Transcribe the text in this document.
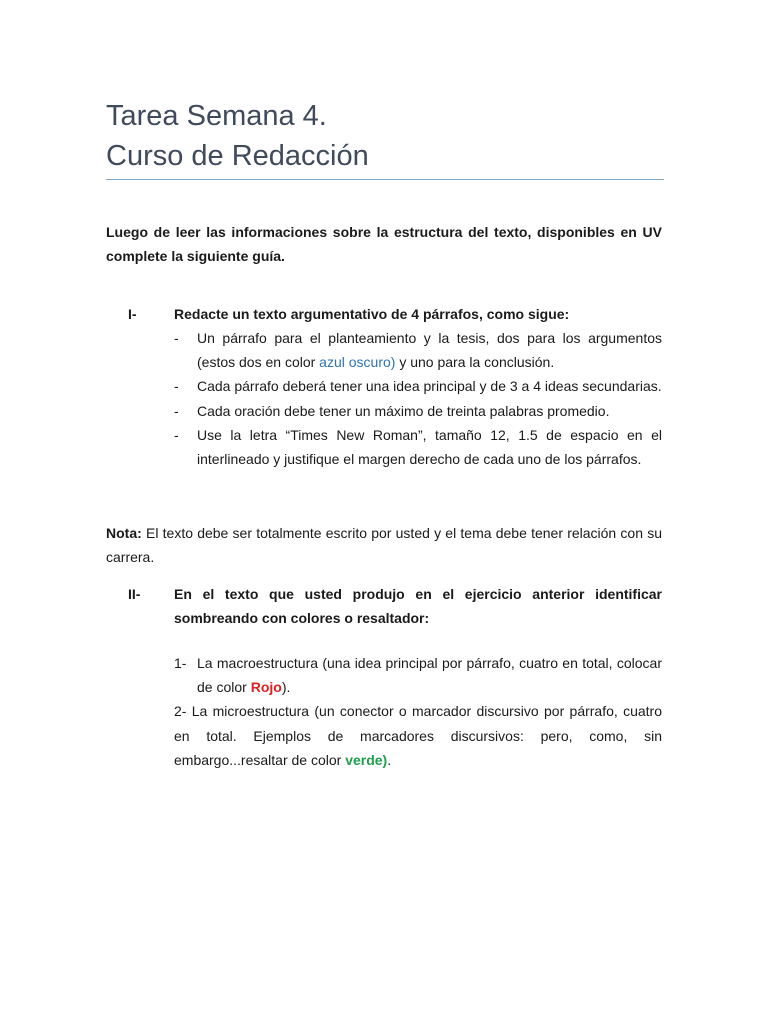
Tarea Semana 4.
Curso de Redacción
Luego de leer las informaciones sobre la estructura del texto, disponibles en UV complete la siguiente guía.
I-	Redacte un texto argumentativo de 4 párrafos, como sigue:
- Un párrafo para el planteamiento y la tesis, dos para los argumentos (estos dos en color azul oscuro) y uno para la conclusión.
- Cada párrafo deberá tener una idea principal y de 3 a 4 ideas secundarias.
- Cada oración debe tener un máximo de treinta palabras promedio.
- Use la letra “Times New Roman”, tamaño 12, 1.5 de espacio en el interlineado y justifique el margen derecho de cada uno de los párrafos.
Nota: El texto debe ser totalmente escrito por usted y el tema debe tener relación con su carrera.
II- En el texto que usted produjo en el ejercicio anterior identificar sombreando con colores o resaltador:
1- La macroestructura (una idea principal por párrafo, cuatro en total, colocar de color Rojo).
2- La microestructura (un conector o marcador discursivo por párrafo, cuatro en total. Ejemplos de marcadores discursivos: pero, como, sin embargo...resaltar de color verde).
